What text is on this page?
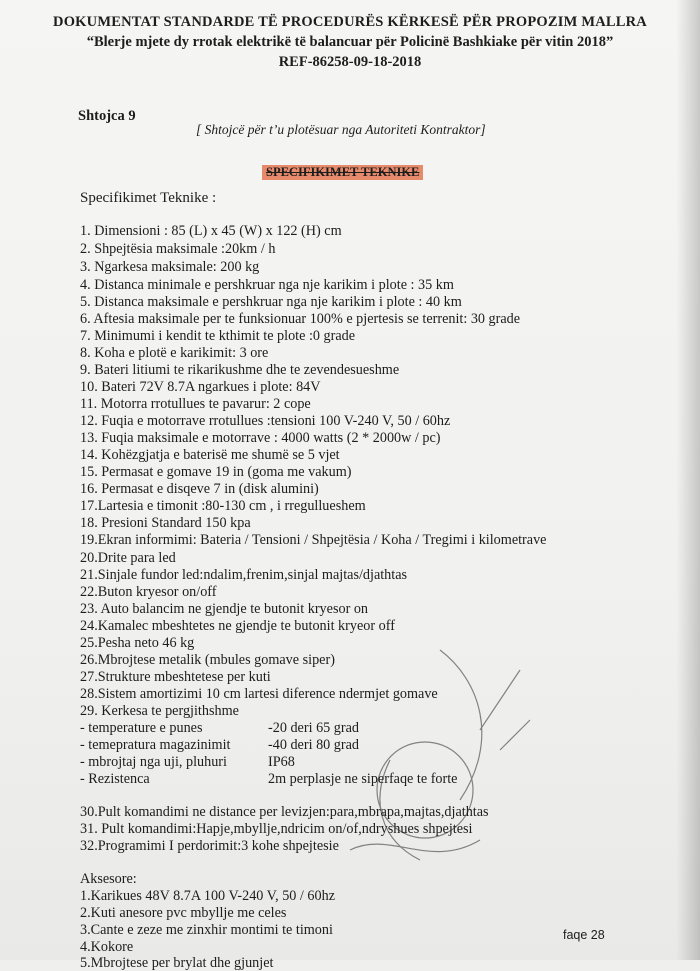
DOKUMENTAT STANDARDE TË PROCEDURËS KËRKESË PËR PROPOZIM MALLRA
“Blerje mjete dy rrotak elektrikë të balancuar për Policinë Bashkiake për vitin 2018”
REF-86258-09-18-2018
Shtojca 9
[ Shtojcë për t’u plotësuar nga Autoriteti Kontraktor]
SPECIFIKIMET TEKNIKE
Specifikimet Teknike :
1. Dimensioni : 85 (L) x 45 (W) x 122 (H) cm
2. Shpejtësia maksimale :20km / h
3. Ngarkesa maksimale: 200 kg
4. Distanca minimale e pershkruar nga nje karikim i plote : 35 km
5. Distanca maksimale e pershkruar nga nje karikim i plote : 40 km
6. Aftesia maksimale per te funksionuar 100% e pjertesis se terrenit: 30 grade
7. Minimumi i kendit te kthimit te plote :0 grade
8. Koha e plotë e karikimit: 3 ore
9. Bateri litiumi te rikarikushme dhe te zevendesueshme
10. Bateri 72V 8.7A ngarkues i plote: 84V
11. Motorra rrotullues te pavarur: 2 cope
12. Fuqia e motorrave rrotullues :tensioni 100 V-240 V, 50 / 60hz
13. Fuqia maksimale e motorrave : 4000 watts (2 * 2000w / pc)
14. Kohëzgjatja e baterisë me shumë se 5 vjet
15. Permasat e gomave 19 in (goma me vakum)
16. Permasat e disqeve 7 in (disk alumini)
17.Lartesia e timonit :80-130 cm , i rregullueshem
18. Presioni Standard 150 kpa
19.Ekran informimi: Bateria / Tensioni / Shpejtësia / Koha / Tregimi i kilometrave
20.Drite para led
21.Sinjale fundor led:ndalim,frenim,sinjal majtas/djathtas
22.Buton kryesor on/off
23. Auto balancim ne gjendje te butonit kryesor on
24.Kamalec mbeshtetes ne gjendje te butonit kryeor off
25.Pesha neto 46 kg
26.Mbrojtese metalik (mbules gomave siper)
27.Strukture mbeshtetese per kuti
28.Sistem amortizimi 10 cm lartesi diference ndermjet gomave
29. Kerkesa te pergjithshme
- temperature e punes	-20 deri 65 grad
- temepratura magazinimit	-40 deri 80 grad
- mbrojtaj nga uji, pluhuri	IP68
- Rezistenca	2m perplasje ne siperfaqe te forte
30.Pult komandimi ne distance per levizjen:para,mbrapa,majtas,djathtas
31. Pult komandimi:Hapje,mbyllje,ndricim on/of,ndryshues shpejtesi
32.Programimi I perdorimit:3 kohe shpejtesie
Aksesore:
1.Karikues 48V 8.7A 100 V-240 V, 50 / 60hz
2.Kuti anesore pvc mbyllje me celes
3.Cante e zeze me zinxhir montimi te timoni
4.Kokore
5.Mbrojtese per brylat dhe gjunjet
faqe 28
